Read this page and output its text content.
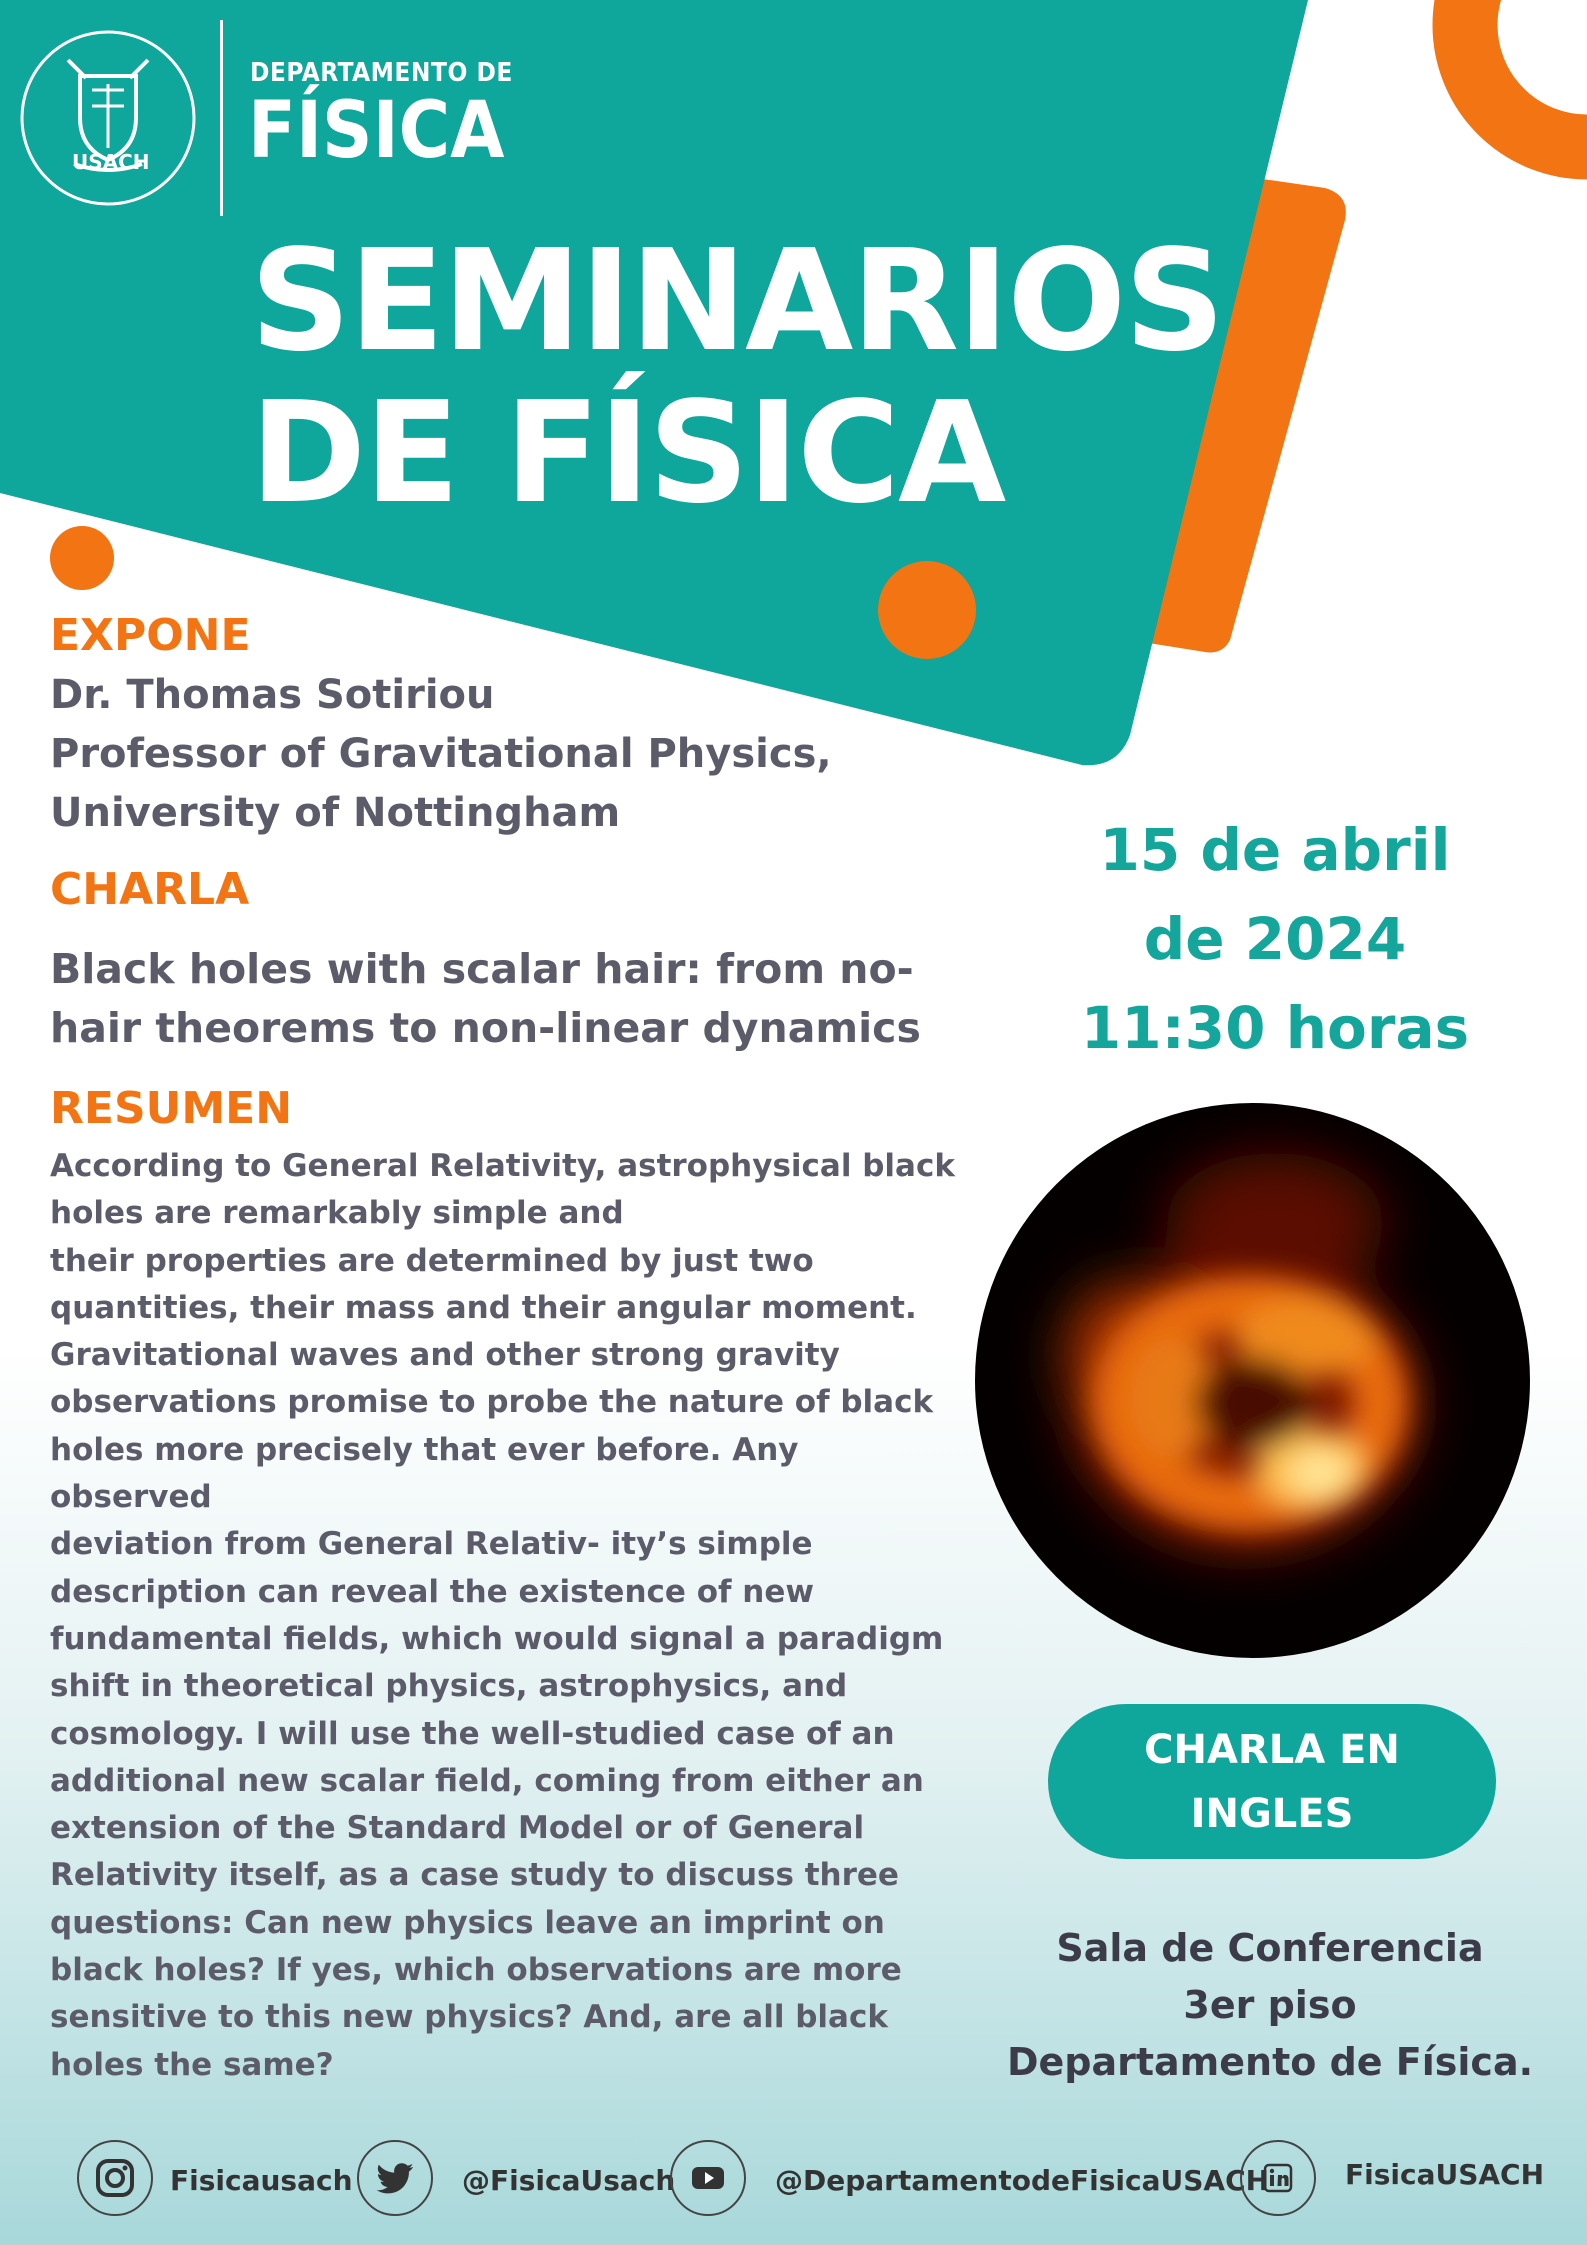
USACH
DEPARTAMENTO DE
FÍSICA
SEMINARIOS
DE FÍSICA
EXPONE
Dr. Thomas Sotiriou
Professor of Gravitational Physics,
University of Nottingham
CHARLA
Black holes with scalar hair: from no-hair theorems to non-linear dynamics
RESUMEN
According to General Relativity, astrophysical black
holes are remarkably simple and
their properties are determined by just two
quantities, their mass and their angular moment.
Gravitational waves and other strong gravity
observations promise to probe the nature of black
holes more precisely that ever before. Any observed
deviation from General Relativ- ity’s simple
description can reveal the existence of new
fundamental fields, which would signal a paradigm
shift in theoretical physics, astrophysics, and
cosmology. I will use the well-studied case of an
additional new scalar field, coming from either an
extension of the Standard Model or of General
Relativity itself, as a case study to discuss three
questions: Can new physics leave an imprint on
black holes? If yes, which observations are more
sensitive to this new physics? And, are all black
holes the same?
15 de abril
de 2024
11:30 horas
CHARLA EN
INGLES
Sala de Conferencia
3er piso
Departamento de Física.
Fisicausach	@FisicaUsach	@DepartamentodeFisicaUSACH	FisicaUSACH
